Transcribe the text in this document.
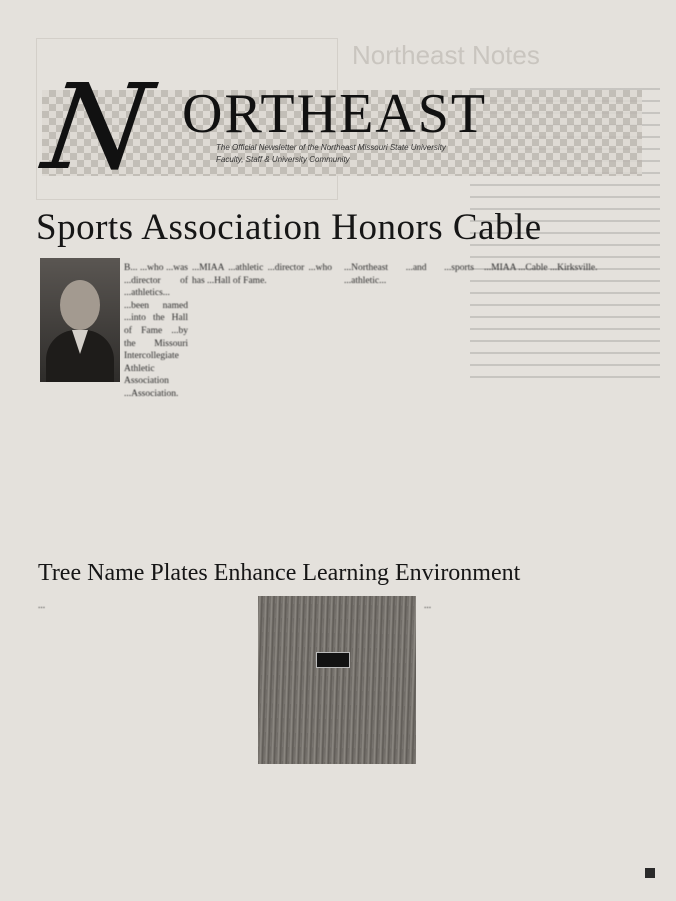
Northeast Notes
N ORTHEAST
The Official Newsletter of the Northeast Missouri State University
Faculty, Staff & University Community
Sports Association Honors Cable
B... ...who ...was ...director of ...athletics... ...been named ...into the Hall of Fame ...by the Missouri Intercollegiate Athletic Association ...Association.
...MIAA ...athletic ...director ...who has ...Hall of Fame.
...Northeast ...and ...sports ...athletic...
...MIAA ...Cable ...Kirksville.
Tree Name Plates Enhance Learning Environment
...	...
